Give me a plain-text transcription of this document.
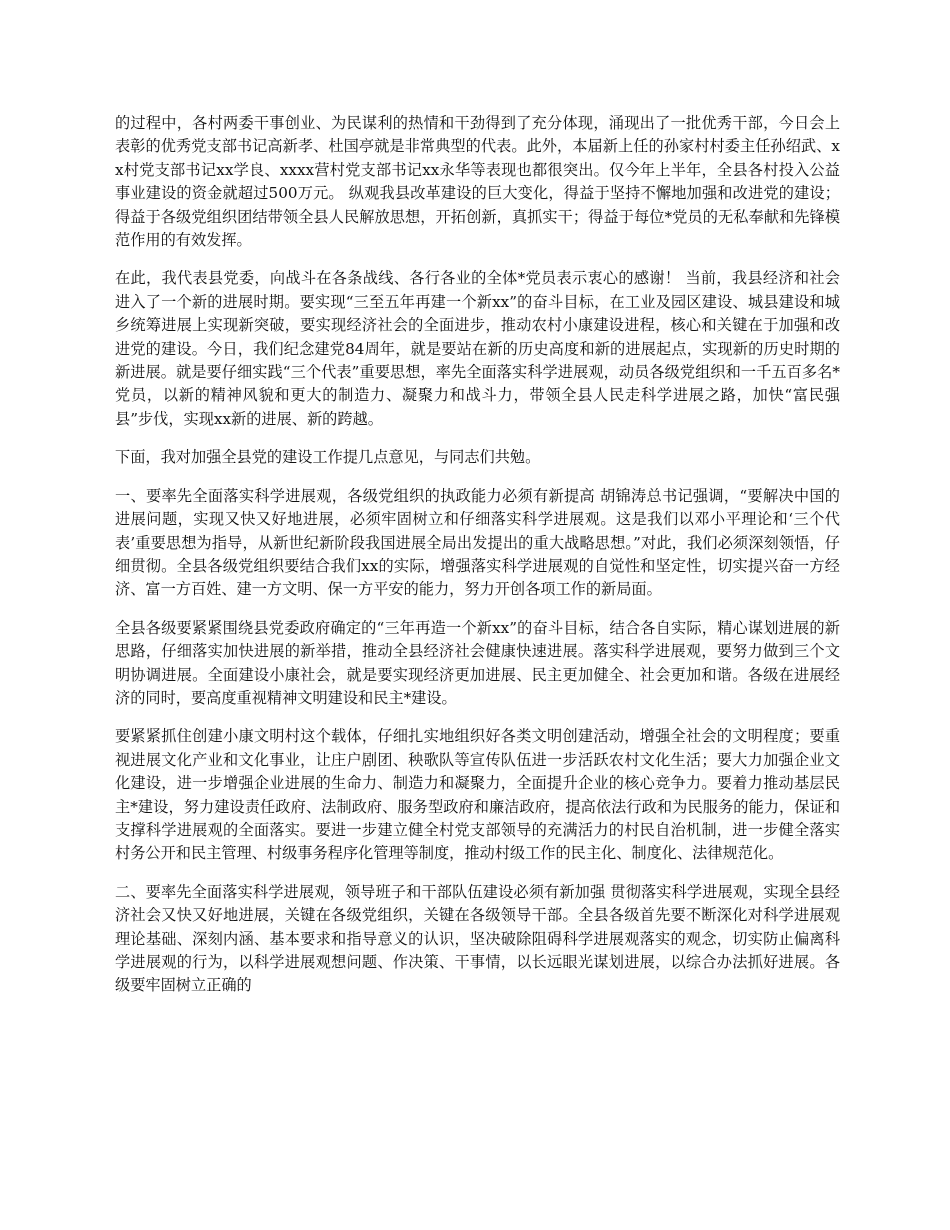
的过程中，各村两委干事创业、为民谋利的热情和干劲得到了充分体现，涌现出了一批优秀干部，今日会上表彰的优秀党支部书记高新孝、杜国亭就是非常典型的代表。此外，本届新上任的孙家村村委主任孙绍武、xx村党支部书记xx学良、xxxx营村党支部书记xx永华等表现也都很突出。仅今年上半年，全县各村投入公益事业建设的资金就超过500万元。 纵观我县改革建设的巨大变化，得益于坚持不懈地加强和改进党的建设；得益于各级党组织团结带领全县人民解放思想，开拓创新，真抓实干；得益于每位*党员的无私奉献和先锋模范作用的有效发挥。

在此，我代表县党委，向战斗在各条战线、各行各业的全体*党员表示衷心的感谢！ 当前，我县经济和社会进入了一个新的进展时期。要实现“三至五年再建一个新xx”的奋斗目标，在工业及园区建设、城县建设和城乡统筹进展上实现新突破，要实现经济社会的全面进步，推动农村小康建设进程，核心和关键在于加强和改进党的建设。今日，我们纪念建党84周年，就是要站在新的历史高度和新的进展起点，实现新的历史时期的新进展。就是要仔细实践“三个代表”重要思想，率先全面落实科学进展观，动员各级党组织和一千五百多名*党员，以新的精神风貌和更大的制造力、凝聚力和战斗力，带领全县人民走科学进展之路，加快“富民强县”步伐，实现xx新的进展、新的跨越。

下面，我对加强全县党的建设工作提几点意见，与同志们共勉。

一、要率先全面落实科学进展观，各级党组织的执政能力必须有新提高 胡锦涛总书记强调，“要解决中国的进展问题，实现又快又好地进展，必须牢固树立和仔细落实科学进展观。这是我们以邓小平理论和‘三个代表’重要思想为指导，从新世纪新阶段我国进展全局出发提出的重大战略思想。”对此，我们必须深刻领悟，仔细贯彻。全县各级党组织要结合我们xx的实际，增强落实科学进展观的自觉性和坚定性，切实提兴奋一方经济、富一方百姓、建一方文明、保一方平安的能力，努力开创各项工作的新局面。

全县各级要紧紧围绕县党委政府确定的“三年再造一个新xx”的奋斗目标，结合各自实际，精心谋划进展的新思路，仔细落实加快进展的新举措，推动全县经济社会健康快速进展。落实科学进展观，要努力做到三个文明协调进展。全面建设小康社会，就是要实现经济更加进展、民主更加健全、社会更加和谐。各级在进展经济的同时，要高度重视精神文明建设和民主*建设。

要紧紧抓住创建小康文明村这个载体，仔细扎实地组织好各类文明创建活动，增强全社会的文明程度；要重视进展文化产业和文化事业，让庄户剧团、秧歌队等宣传队伍进一步活跃农村文化生活；要大力加强企业文化建设，进一步增强企业进展的生命力、制造力和凝聚力，全面提升企业的核心竞争力。要着力推动基层民主*建设，努力建设责任政府、法制政府、服务型政府和廉洁政府，提高依法行政和为民服务的能力，保证和支撑科学进展观的全面落实。要进一步建立健全村党支部领导的充满活力的村民自治机制，进一步健全落实村务公开和民主管理、村级事务程序化管理等制度，推动村级工作的民主化、制度化、法律规范化。

二、要率先全面落实科学进展观，领导班子和干部队伍建设必须有新加强 贯彻落实科学进展观，实现全县经济社会又快又好地进展，关键在各级党组织，关键在各级领导干部。全县各级首先要不断深化对科学进展观理论基础、深刻内涵、基本要求和指导意义的认识，坚决破除阻碍科学进展观落实的观念，切实防止偏离科学进展观的行为，以科学进展观想问题、作决策、干事情，以长远眼光谋划进展，以综合办法抓好进展。各级要牢固树立正确的
